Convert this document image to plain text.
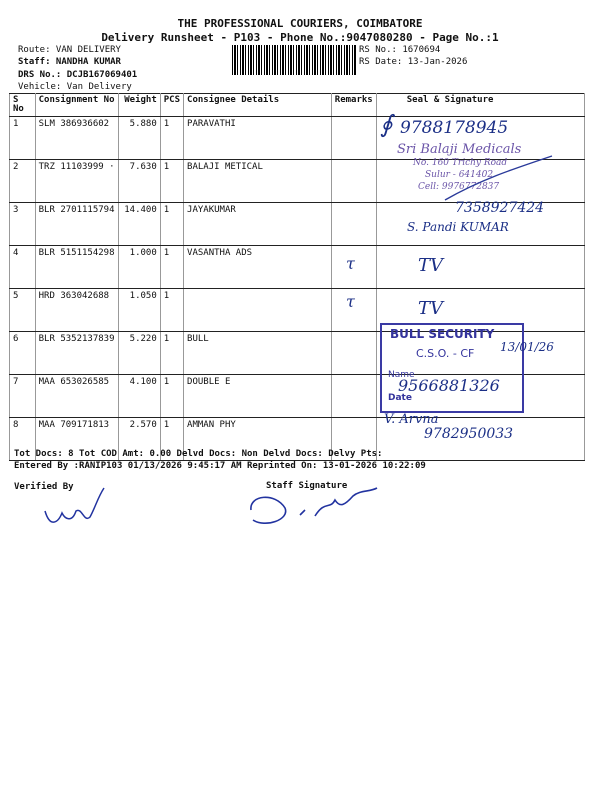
THE PROFESSIONAL COURIERS, COIMBATORE
Delivery Runsheet - P103 - Phone No.:9047080280 - Page No.:1
Route: VAN DELIVERY
Staff: NANDHA KUMAR
DRS No.: DCJB167069401
Vehicle: Van Delivery
RS No.: 1670694
RS Date: 13-Jan-2026
S No	Consignment No	Weight	PCS	Consignee Details	Remarks	Seal & Signature
1	SLM 386936602	5.880	1	PARAVATHI		
2	TRZ 11103999 ·	7.630	1	BALAJI METICAL		
3	BLR 2701115794	14.400	1	JAYAKUMAR		
4	BLR 5151154298	1.000	1	VASANTHA ADS		
5	HRD 363042688	1.050	1			
6	BLR 5352137839	5.220	1	BULL		
7	MAA 653026585	4.100	1	DOUBLE E		
8	MAA 709171813	2.570	1	AMMAN PHY		
∮ 9788178945
Sri Balaji Medicals
No. 160 Trichy Road
Sulur - 641402
Cell: 9976772837
7358927424
S. Pandi KUMAR
τ	TV
τ	TV
BULL SECURITY
C.S.O. - CF
Name
Date
13/01/26
9566881326
V. Arvna
9782950033
Tot Docs: 8 Tot COD Amt: 0.00 Delvd Docs: Non Delvd Docs: Delvy Pts:
Entered By :RANIP103 01/13/2026 9:45:17 AM Reprinted On: 13-01-2026 10:22:09
Verified By	Staff Signature
